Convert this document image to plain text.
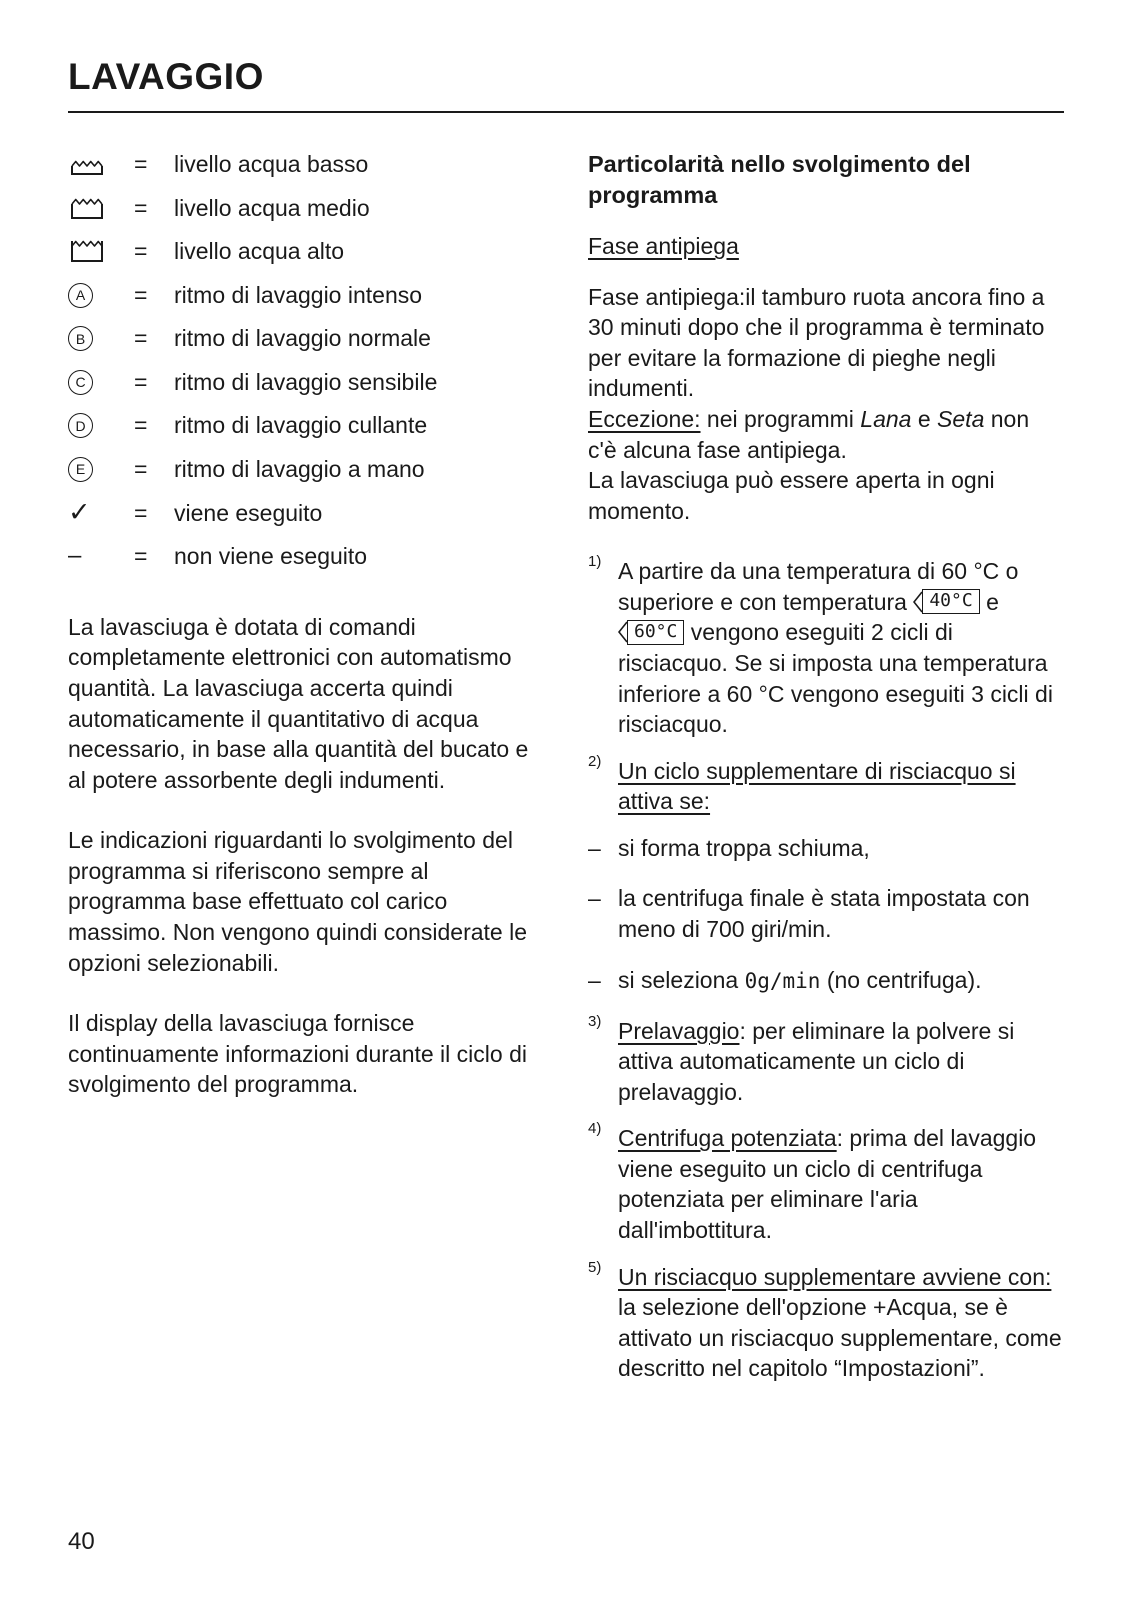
LAVAGGIO
=	livello acqua basso
=	livello acqua medio
=	livello acqua alto
A	=	ritmo di lavaggio intenso
B	=	ritmo di lavaggio normale
C	=	ritmo di lavaggio sensibile
D	=	ritmo di lavaggio cullante
E	=	ritmo di lavaggio a mano
✓	=	viene eseguito
–	=	non viene eseguito

La lavasciuga è dotata di comandi completamente elettronici con automatismo quantità. La lavasciuga accerta quindi automaticamente il quantitativo di acqua necessario, in base alla quantità del bucato e al potere assorbente degli indumenti.

Le indicazioni riguardanti lo svolgimento del programma si riferiscono sempre al programma base effettuato col carico massimo. Non vengono quindi considerate le opzioni selezionabili.

Il display della lavasciuga fornisce continuamente informazioni durante il ciclo di svolgimento del programma.

Particolarità nello svolgimento del programma
Fase antipiega

Fase antipiega:il tamburo ruota ancora fino a 30 minuti dopo che il programma è terminato per evitare la formazione di pieghe negli indumenti.

Eccezione: nei programmi Lana e Seta non c'è alcuna fase antipiega.

La lavasciuga può essere aperta in ogni momento.

1) A partire da una temperatura di 60 °C o superiore e con temperatura 40°C e
60°C vengono eseguiti 2 cicli di risciacquo. Se si imposta una temperatura inferiore a 60 °C vengono eseguiti 3 cicli di risciacquo.
2) Un ciclo supplementare di risciacquo si attiva se:
– si forma troppa schiuma,
– la centrifuga finale è stata impostata con meno di 700 giri/min.
– si seleziona 0g/min (no centrifuga).
3) Prelavaggio: per eliminare la polvere si attiva automaticamente un ciclo di prelavaggio.
4) Centrifuga potenziata: prima del lavaggio viene eseguito un ciclo di centrifuga potenziata per eliminare l'aria dall'imbottitura.
5) Un risciacquo supplementare avviene con: la selezione dell'opzione +Acqua, se è attivato un risciacquo supplementare, come descritto nel capitolo “Impostazioni”.
40
